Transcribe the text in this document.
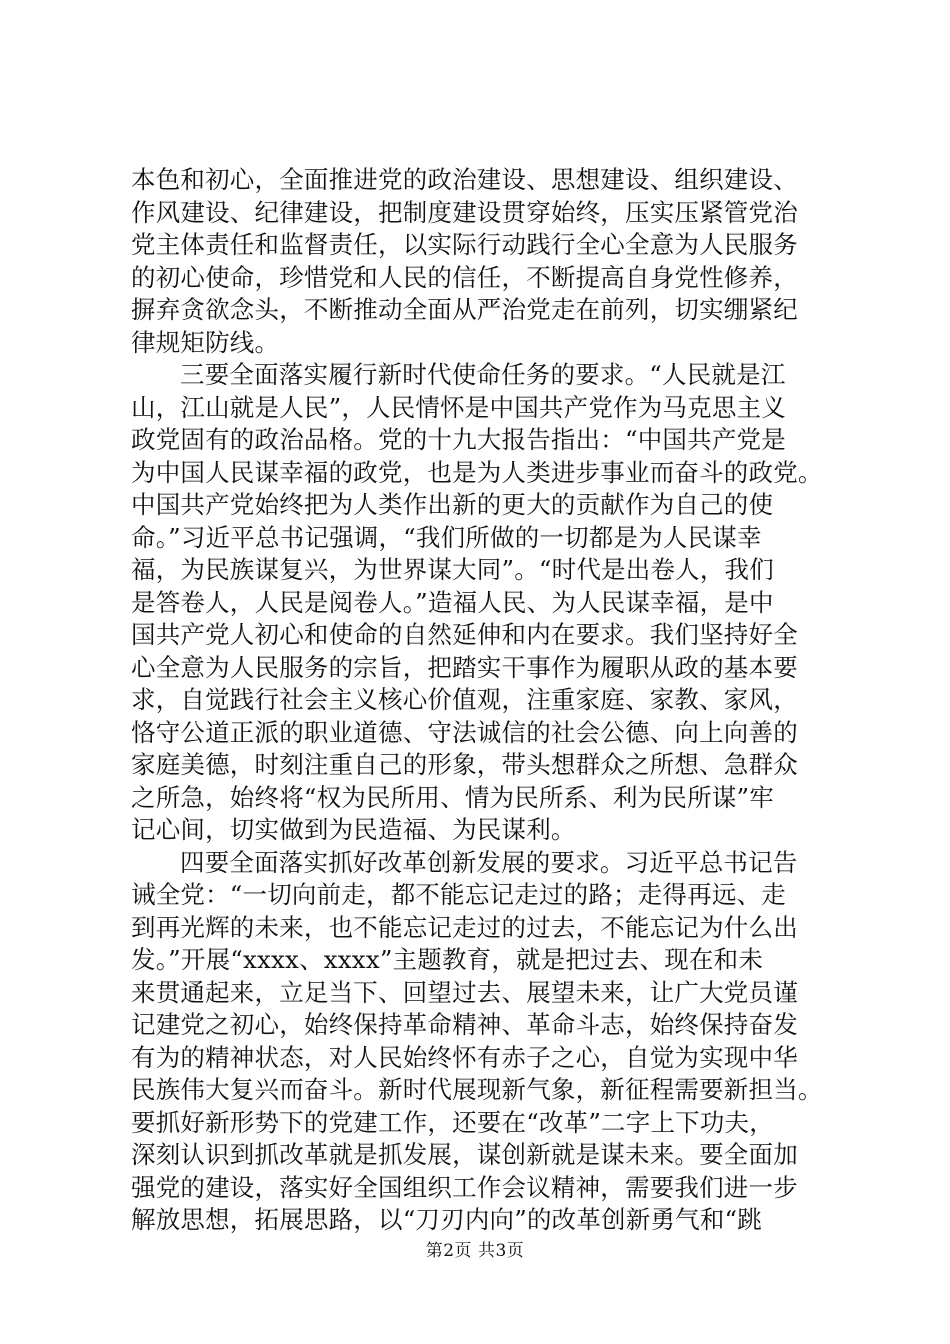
本色和初心，全面推进党的政治建设、思想建设、组织建设、
作风建设、纪律建设，把制度建设贯穿始终，压实压紧管党治
党主体责任和监督责任，以实际行动践行全心全意为人民服务
的初心使命，珍惜党和人民的信任，不断提高自身党性修养，
摒弃贪欲念头，不断推动全面从严治党走在前列，切实绷紧纪
律规矩防线。
三要全面落实履行新时代使命任务的要求。“人民就是江
山，江山就是人民”，人民情怀是中国共产党作为马克思主义
政党固有的政治品格。党的十九大报告指出：“中国共产党是
为中国人民谋幸福的政党，也是为人类进步事业而奋斗的政党。
中国共产党始终把为人类作出新的更大的贡献作为自己的使
命。”习近平总书记强调，“我们所做的一切都是为人民谋幸
福，为民族谋复兴，为世界谋大同”。“时代是出卷人，我们
是答卷人，人民是阅卷人。”造福人民、为人民谋幸福，是中
国共产党人初心和使命的自然延伸和内在要求。我们坚持好全
心全意为人民服务的宗旨，把踏实干事作为履职从政的基本要
求，自觉践行社会主义核心价值观，注重家庭、家教、家风，
恪守公道正派的职业道德、守法诚信的社会公德、向上向善的
家庭美德，时刻注重自己的形象，带头想群众之所想、急群众
之所急，始终将“权为民所用、情为民所系、利为民所谋”牢
记心间，切实做到为民造福、为民谋利。
四要全面落实抓好改革创新发展的要求。习近平总书记告
诫全党：“一切向前走，都不能忘记走过的路；走得再远、走
到再光辉的未来，也不能忘记走过的过去，不能忘记为什么出
发。”开展“xxxx、xxxx”主题教育，就是把过去、现在和未
来贯通起来，立足当下、回望过去、展望未来，让广大党员谨
记建党之初心，始终保持革命精神、革命斗志，始终保持奋发
有为的精神状态，对人民始终怀有赤子之心，自觉为实现中华
民族伟大复兴而奋斗。新时代展现新气象，新征程需要新担当。
要抓好新形势下的党建工作，还要在“改革”二字上下功夫，
深刻认识到抓改革就是抓发展，谋创新就是谋未来。要全面加
强党的建设，落实好全国组织工作会议精神，需要我们进一步
解放思想，拓展思路，以“刀刃内向”的改革创新勇气和“跳
第2页 共3页
